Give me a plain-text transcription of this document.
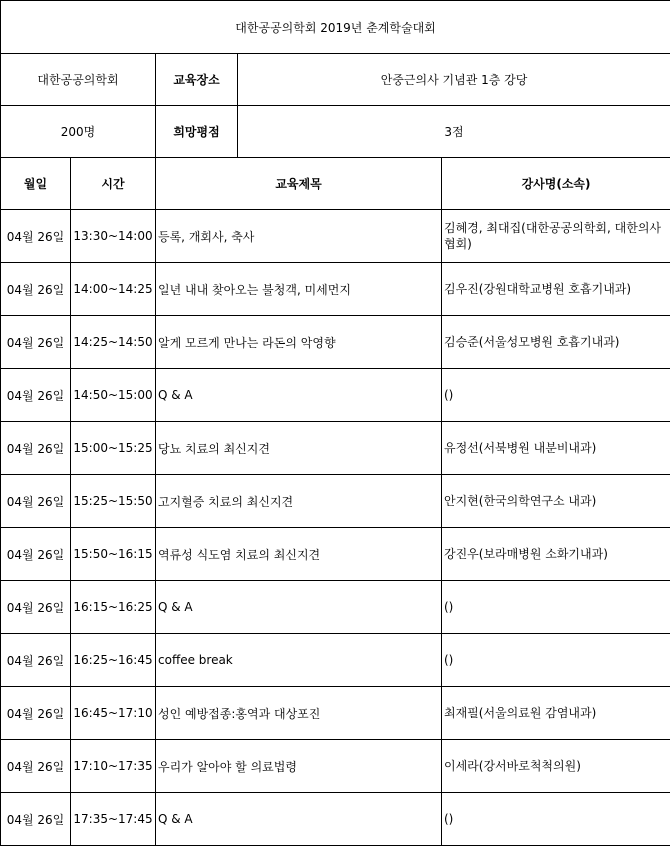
대한공공의학회 2019년 춘계학술대회				
대한공공의학회		교육장소	안중근의사 기념관 1층 강당	
200명		희망평점	3점	
월일	시간	교육제목		강사명(소속)
04월 26일	13:30~14:00	등록, 개회사, 축사		김혜경, 최대집(대한공공의학회, 대한의사협회)
04월 26일	14:00~14:25	일년 내내 찾아오는 불청객, 미세먼지		김우진(강원대학교병원 호흡기내과)
04월 26일	14:25~14:50	알게 모르게 만나는 라돈의 악영향		김승준(서울성모병원 호흡기내과)
04월 26일	14:50~15:00	Q & A		()
04월 26일	15:00~15:25	당뇨 치료의 최신지견		유정선(서북병원 내분비내과)
04월 26일	15:25~15:50	고지혈증 치료의 최신지견		안지현(한국의학연구소 내과)
04월 26일	15:50~16:15	역류성 식도염 치료의 최신지견		강진우(보라매병원 소화기내과)
04월 26일	16:15~16:25	Q & A		()
04월 26일	16:25~16:45	coffee break		()
04월 26일	16:45~17:10	성인 예방접종:홍역과 대상포진		최재필(서울의료원 감염내과)
04월 26일	17:10~17:35	우리가 알아야 할 의료법령		이세라(강서바로척척의원)
04월 26일	17:35~17:45	Q & A		()
